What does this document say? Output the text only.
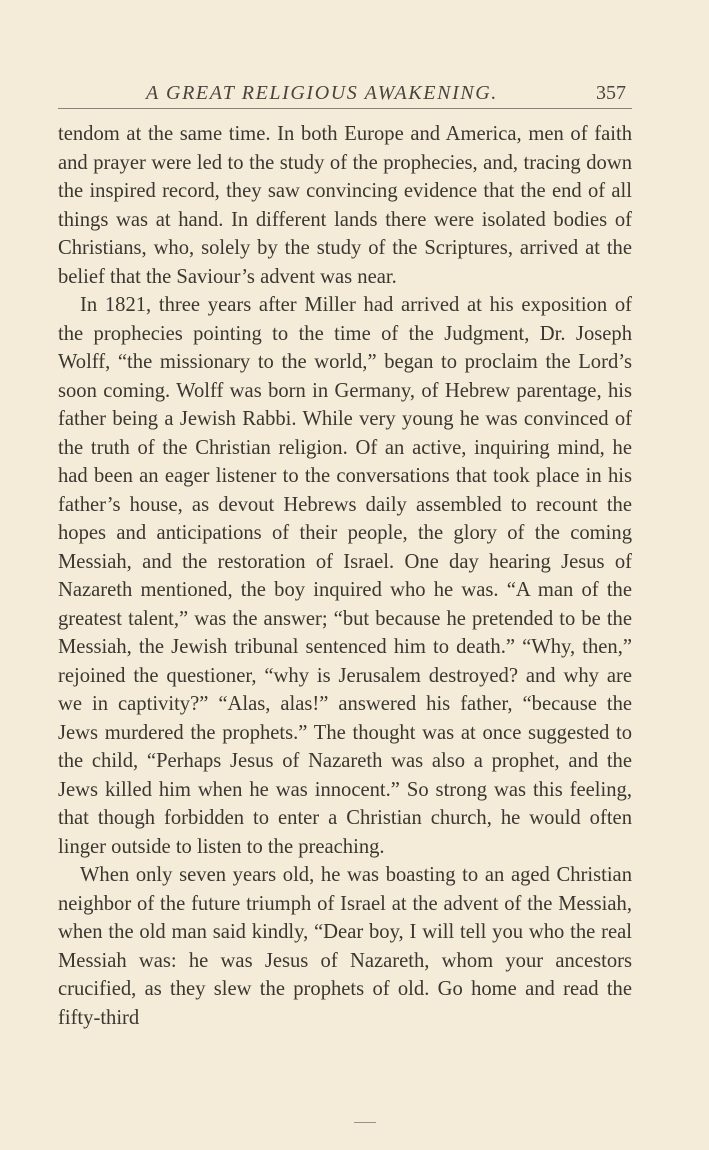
A GREAT RELIGIOUS AWAKENING.	357

tendom at the same time. In both Europe and America, men of faith and prayer were led to the study of the prophecies, and, tracing down the inspired record, they saw convincing evidence that the end of all things was at hand. In different lands there were isolated bodies of Christians, who, solely by the study of the Scriptures, arrived at the belief that the Saviour’s advent was near.

In 1821, three years after Miller had arrived at his exposition of the prophecies pointing to the time of the Judgment, Dr. Joseph Wolff, “the missionary to the world,” began to proclaim the Lord’s soon coming. Wolff was born in Germany, of Hebrew parentage, his father being a Jewish Rabbi. While very young he was convinced of the truth of the Christian religion. Of an active, inquiring mind, he had been an eager listener to the conversations that took place in his father’s house, as devout Hebrews daily assembled to recount the hopes and anticipations of their people, the glory of the coming Messiah, and the restoration of Israel. One day hearing Jesus of Nazareth mentioned, the boy inquired who he was. “A man of the greatest talent,” was the answer; “but because he pretended to be the Messiah, the Jewish tribunal sentenced him to death.” “Why, then,” rejoined the questioner, “why is Jerusalem destroyed? and why are we in captivity?” “Alas, alas!” answered his father, “because the Jews murdered the prophets.” The thought was at once suggested to the child, “Perhaps Jesus of Nazareth was also a prophet, and the Jews killed him when he was innocent.” So strong was this feeling, that though forbidden to enter a Christian church, he would often linger outside to listen to the preaching.

When only seven years old, he was boasting to an aged Christian neighbor of the future triumph of Israel at the advent of the Messiah, when the old man said kindly, “Dear boy, I will tell you who the real Messiah was: he was Jesus of Nazareth, whom your ancestors crucified, as they slew the prophets of old. Go home and read the fifty-third
